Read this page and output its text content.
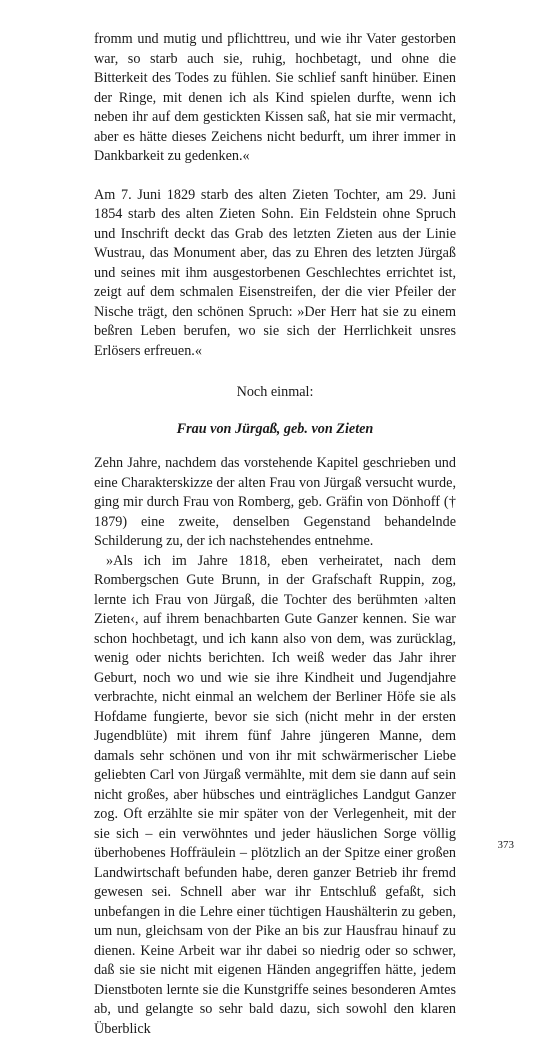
fromm und mutig und pflichttreu, und wie ihr Vater gestorben war, so starb auch sie, ruhig, hochbetagt, und ohne die Bitterkeit des Todes zu fühlen. Sie schlief sanft hinüber. Einen der Ringe, mit denen ich als Kind spielen durfte, wenn ich neben ihr auf dem gestickten Kissen saß, hat sie mir vermacht, aber es hätte dieses Zeichens nicht bedurft, um ihrer immer in Dankbarkeit zu gedenken.«

Am 7. Juni 1829 starb des alten Zieten Tochter, am 29. Juni 1854 starb des alten Zieten Sohn. Ein Feldstein ohne Spruch und Inschrift deckt das Grab des letzten Zieten aus der Linie Wustrau, das Monument aber, das zu Ehren des letzten Jürgaß und seines mit ihm ausgestorbenen Geschlechtes errichtet ist, zeigt auf dem schmalen Eisenstreifen, der die vier Pfeiler der Nische trägt, den schönen Spruch: »Der Herr hat sie zu einem beßren Leben berufen, wo sie sich der Herrlichkeit unsres Erlösers erfreuen.«

Noch einmal:

Frau von Jürgaß, geb. von Zieten

Zehn Jahre, nachdem das vorstehende Kapitel geschrieben und eine Charakterskizze der alten Frau von Jürgaß versucht wurde, ging mir durch Frau von Romberg, geb. Gräfin von Dönhoff († 1879) eine zweite, denselben Gegenstand behandelnde Schilderung zu, der ich nachstehendes entnehme.

»Als ich im Jahre 1818, eben verheiratet, nach dem Rombergschen Gute Brunn, in der Grafschaft Ruppin, zog, lernte ich Frau von Jürgaß, die Tochter des berühmten ›alten Zieten‹, auf ihrem benachbarten Gute Ganzer kennen. Sie war schon hochbetagt, und ich kann also von dem, was zurücklag, wenig oder nichts berichten. Ich weiß weder das Jahr ihrer Geburt, noch wo und wie sie ihre Kindheit und Jugendjahre verbrachte, nicht einmal an welchem der Berliner Höfe sie als Hofdame fungierte, bevor sie sich (nicht mehr in der ersten Jugendblüte) mit ihrem fünf Jahre jüngeren Manne, dem damals sehr schönen und von ihr mit schwärmerischer Liebe geliebten Carl von Jürgaß vermählte, mit dem sie dann auf sein nicht großes, aber hübsches und einträgliches Landgut Ganzer zog. Oft erzählte sie mir später von der Verlegenheit, mit der sie sich – ein verwöhntes und jeder häuslichen Sorge völlig überhobenes Hoffräulein – plötzlich an der Spitze einer großen Landwirtschaft befunden habe, deren ganzer Betrieb ihr fremd gewesen sei. Schnell aber war ihr Entschluß gefaßt, sich unbefangen in die Lehre einer tüchtigen Haushälterin zu geben, um nun, gleichsam von der Pike an bis zur Hausfrau hinauf zu dienen. Keine Arbeit war ihr dabei so niedrig oder so schwer, daß sie sie nicht mit eigenen Händen angegriffen hätte, jedem Dienstboten lernte sie die Kunstgriffe seines besonderen Amtes ab, und gelangte so sehr bald dazu, sich sowohl den klaren Überblick

373
